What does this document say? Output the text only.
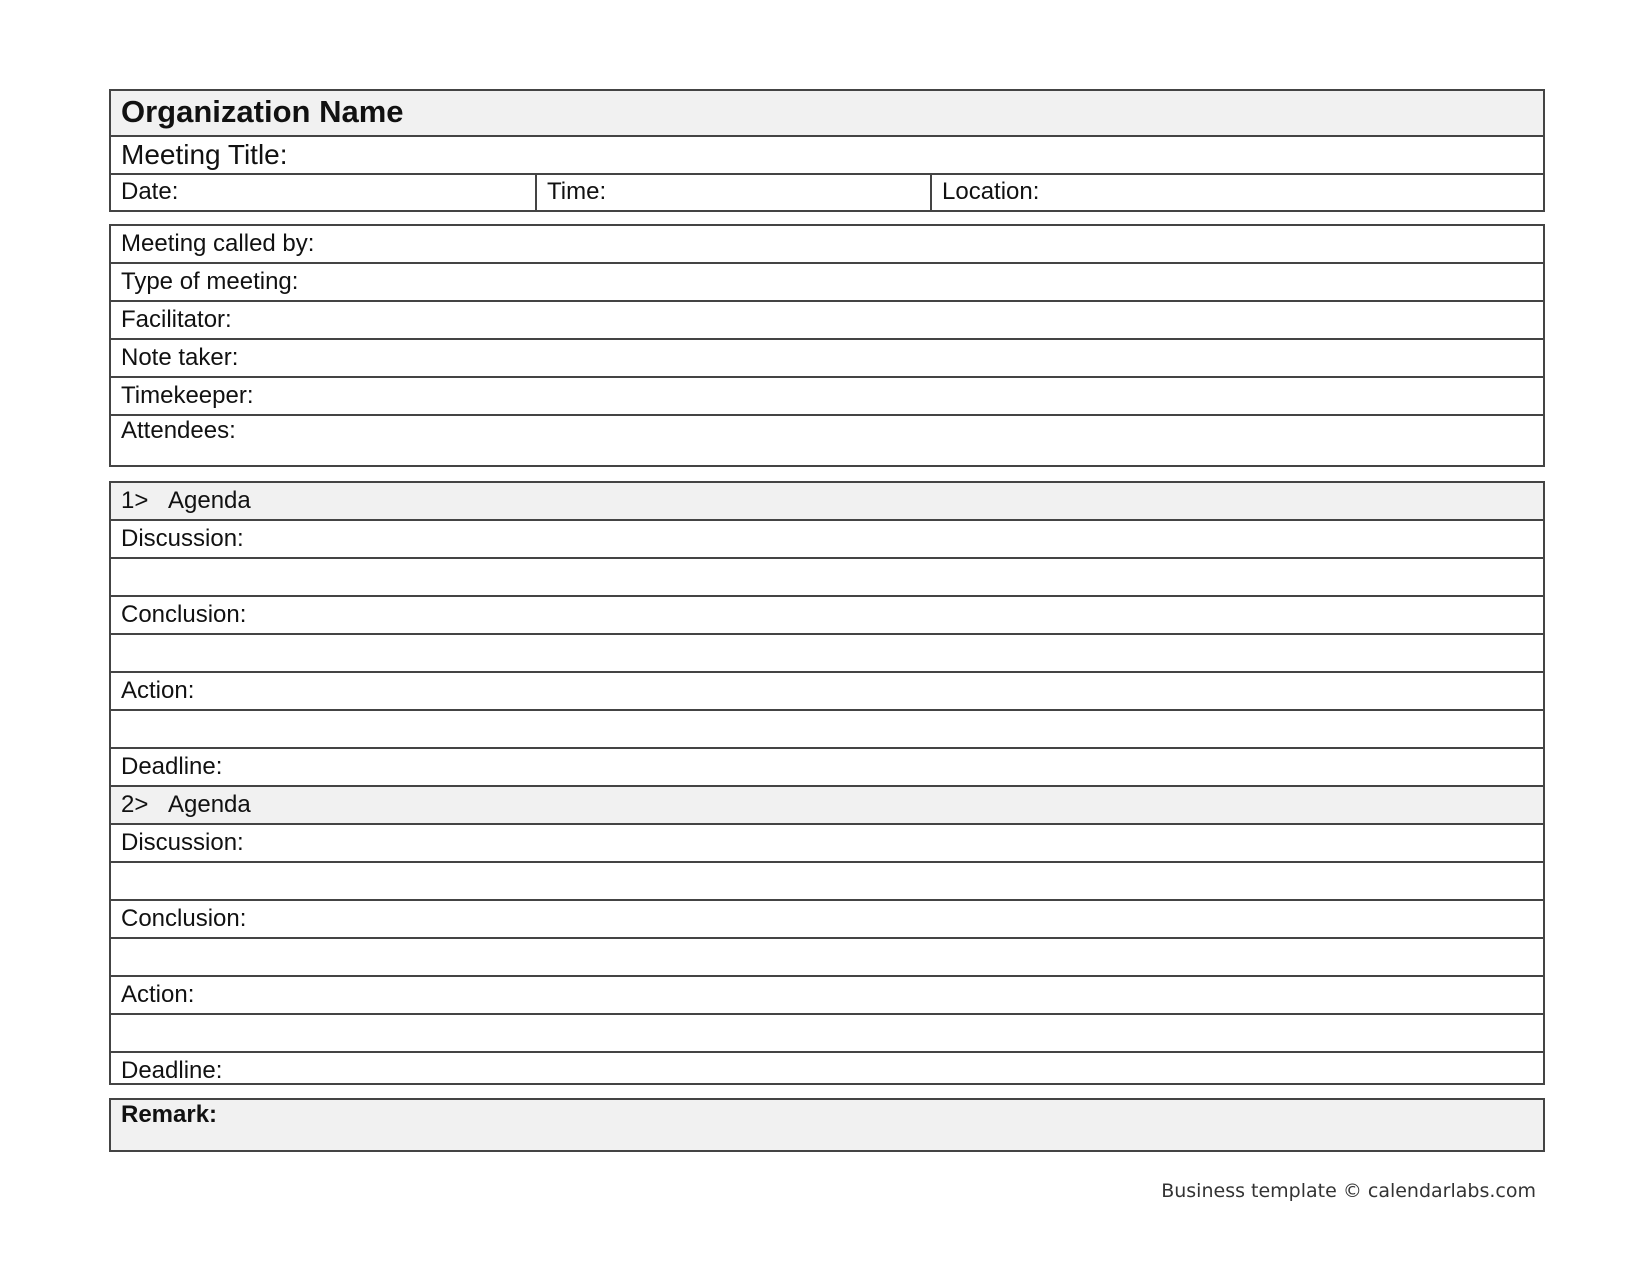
Organization Name
Meeting Title:
Date:	Time:	Location:
Meeting called by:
Type of meeting:
Facilitator:
Note taker:
Timekeeper:
Attendees:
1> Agenda
Discussion:
Conclusion:
Action:
Deadline:
2> Agenda
Discussion:
Conclusion:
Action:
Deadline:
Remark:
Business template © calendarlabs.com
